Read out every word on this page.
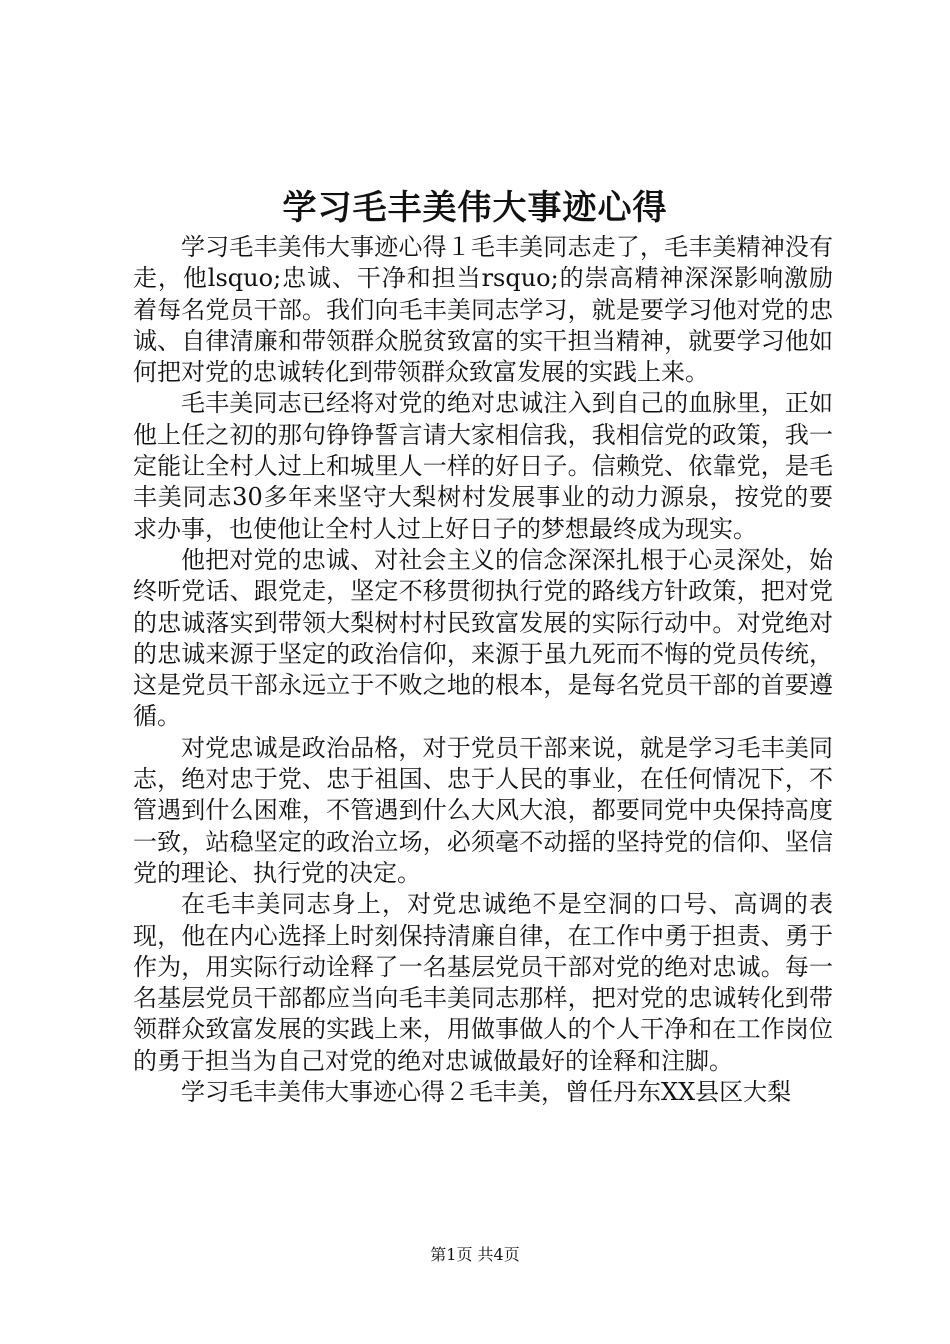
学习毛丰美伟大事迹心得

学习毛丰美伟大事迹心得１毛丰美同志走了，毛丰美精神没有走，他lsquo;忠诚、干净和担当rsquo;的崇高精神深深影响激励着每名党员干部。我们向毛丰美同志学习，就是要学习他对党的忠诚、自律清廉和带领群众脱贫致富的实干担当精神，就要学习他如何把对党的忠诚转化到带领群众致富发展的实践上来。

毛丰美同志已经将对党的绝对忠诚注入到自己的血脉里，正如他上任之初的那句铮铮誓言请大家相信我，我相信党的政策，我一定能让全村人过上和城里人一样的好日子。信赖党、依靠党，是毛丰美同志30多年来坚守大梨树村发展事业的动力源泉，按党的要求办事，也使他让全村人过上好日子的梦想最终成为现实。

他把对党的忠诚、对社会主义的信念深深扎根于心灵深处，始终听党话、跟党走，坚定不移贯彻执行党的路线方针政策，把对党的忠诚落实到带领大梨树村村民致富发展的实际行动中。对党绝对的忠诚来源于坚定的政治信仰，来源于虽九死而不悔的党员传统，这是党员干部永远立于不败之地的根本，是每名党员干部的首要遵循。

对党忠诚是政治品格，对于党员干部来说，就是学习毛丰美同志，绝对忠于党、忠于祖国、忠于人民的事业，在任何情况下，不管遇到什么困难，不管遇到什么大风大浪，都要同党中央保持高度一致，站稳坚定的政治立场，必须毫不动摇的坚持党的信仰、坚信党的理论、执行党的决定。

在毛丰美同志身上，对党忠诚绝不是空洞的口号、高调的表现，他在内心选择上时刻保持清廉自律，在工作中勇于担责、勇于作为，用实际行动诠释了一名基层党员干部对党的绝对忠诚。每一名基层党员干部都应当向毛丰美同志那样，把对党的忠诚转化到带领群众致富发展的实践上来，用做事做人的个人干净和在工作岗位的勇于担当为自己对党的绝对忠诚做最好的诠释和注脚。

学习毛丰美伟大事迹心得２毛丰美，曾任丹东XX县区大梨

第1页 共4页
